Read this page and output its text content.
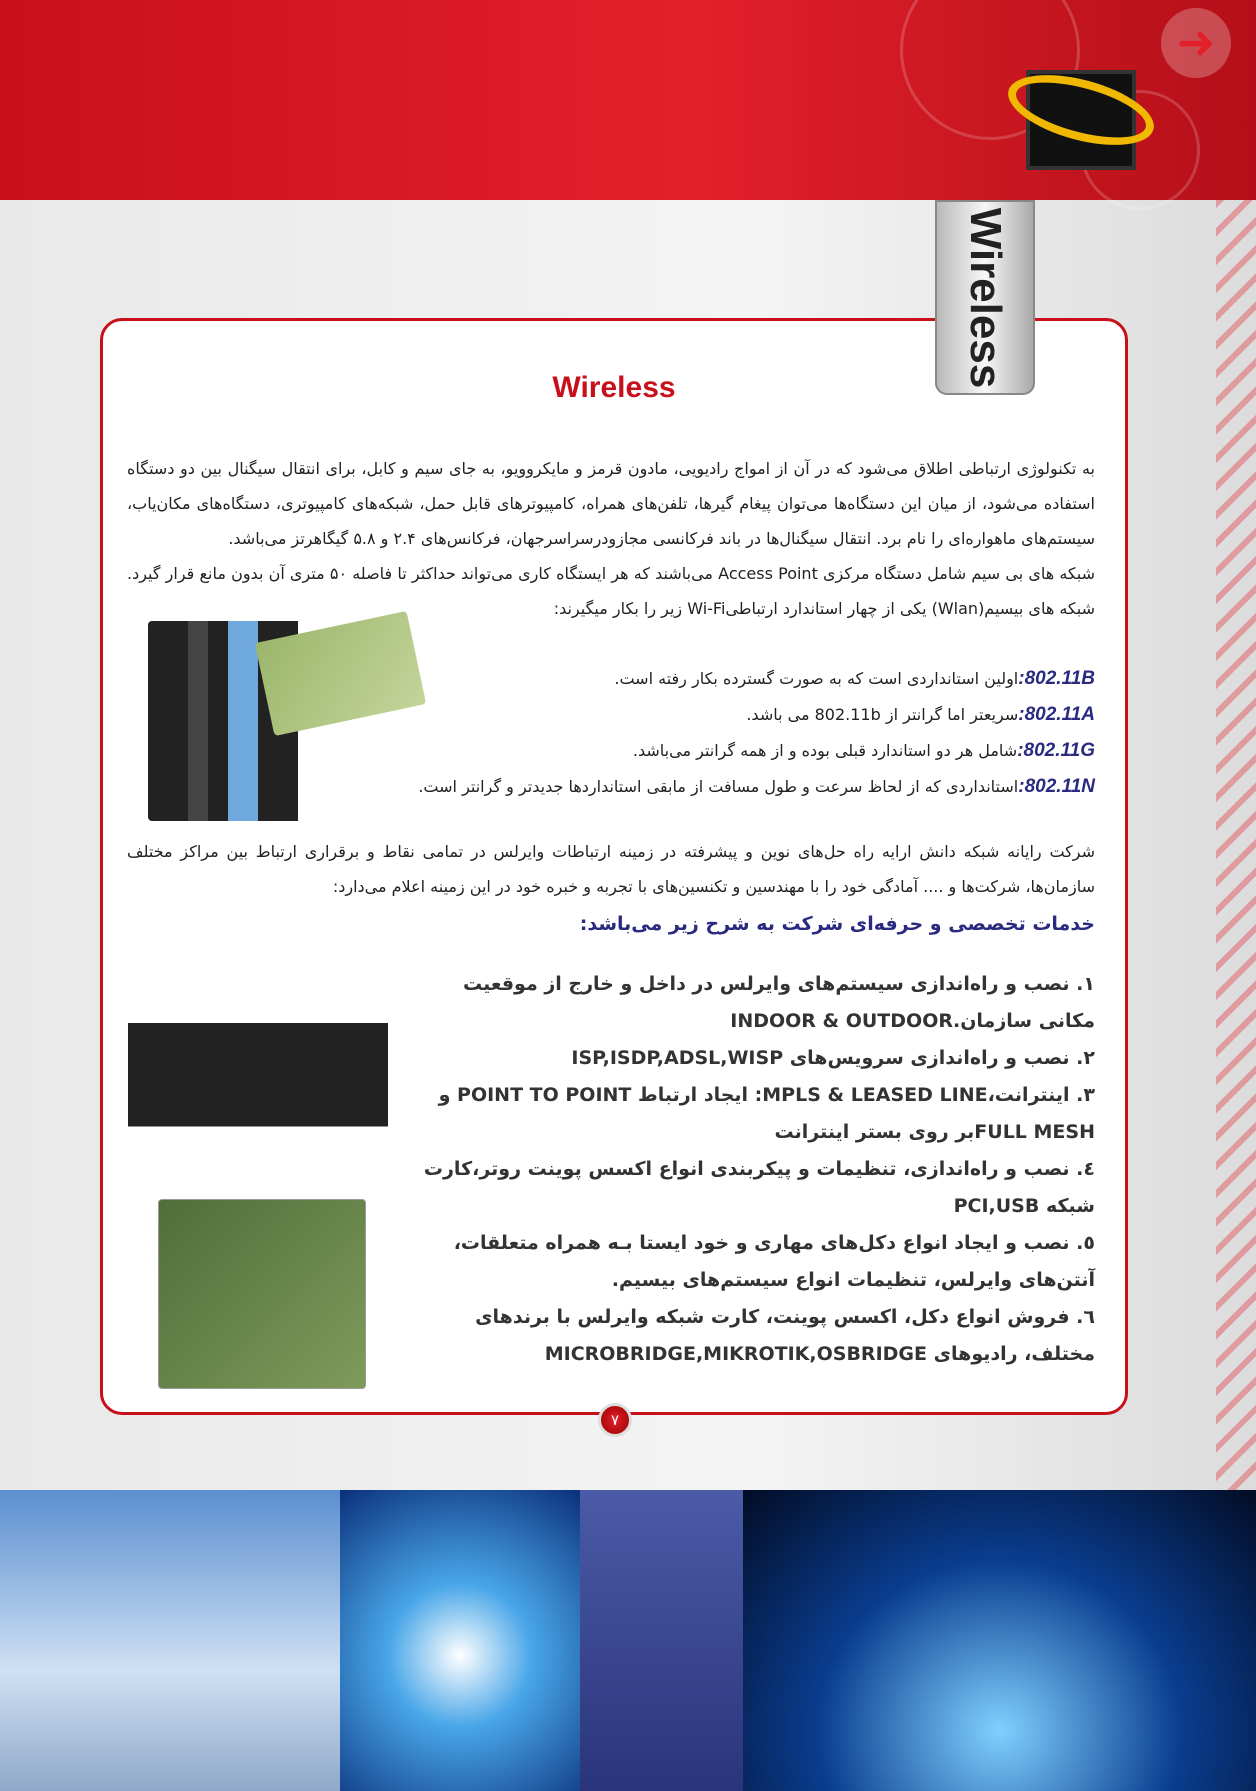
➜
Wireless
به تکنولوژی ارتباطی اطلاق می‌شود که در آن از امواج رادیویی، مادون قرمز و مایکروویو، به جای سیم و کابل، برای انتقال سیگنال بین دو دستگاه استفاده می‌شود، از میان این دستگاه‌ها می‌توان پیغام گیرها، تلفن‌های همراه، کامپیوترهای قابل حمل، شبکه‌های کامپیوتری، دستگاه‌های مکان‌یاب، سیستم‌های ماهواره‌ای را نام برد. انتقال سیگنال‌ها در باند فرکانسی مجازودرسراسرجهان، فرکانس‌های ۲.۴ و ۵.۸ گیگاهرتز می‌باشد.
شبکه های بی سیم شامل دستگاه مرکزی Access Point می‌باشند که هر ایستگاه کاری می‌تواند حداکثر تا فاصله ۵۰ متری آن بدون مانع قرار گیرد. شبکه های بیسیم(Wlan) یکی از چهار استاندارد ارتباطیWi-Fi زیر را بکار میگیرند:
802.11B:اولین استانداردی است که به صورت گسترده بکار رفته است.
802.11A:سریعتر اما گرانتر از 802.11b می باشد.
802.11G:شامل هر دو استاندارد قبلی بوده و از همه گرانتر می‌باشد.
802.11N:استانداردی که از لحاظ سرعت و طول مسافت از مابقی استانداردها جدیدتر و گرانتر است.
شرکت رایانه شبکه دانش ارایه راه حل‌های نوین و پیشرفته در زمینه ارتباطات وایرلس در تمامی نقاط و برقراری ارتباط بین مراکز مختلف سازمان‌ها، شرکت‌ها و .... آمادگی خود را با مهندسین و تکنسین‌های با تجربه و خبره خود در این زمینه اعلام می‌دارد:
خدمات تخصصی و حرفه‌ای شرکت به شرح زیر می‌باشد:
۱. نصب و راه‌اندازی سیستم‌های وایرلس در داخل و خارج از موقعیت مکانی سازمان.INDOOR & OUTDOOR
۲. نصب و راه‌اندازی سرویس‌های ISP,ISDP,ADSL,WISP
۳. اینترانت،MPLS & LEASED LINE: ایجاد ارتباط POINT TO POINT و FULL MESHبر روی بستر اینترانت
٤. نصب و راه‌اندازی، تنظیمات و پیکربندی انواع اکسس پوینت روتر،کارت شبکه PCI,USB
٥. نصب و ایجاد انواع دکل‌های مهاری و خود ایستا بـه همراه متعلقات، آنتن‌های وایرلس، تنظیمات انواع سیستم‌های بیسیم.
٦. فروش انواع دکل، اکسس پوینت، کارت شبکه وایرلس با برندهای مختلف، رادیوهای MICROBRIDGE,MIKROTIK,OSBRIDGE
Wireless
۷
